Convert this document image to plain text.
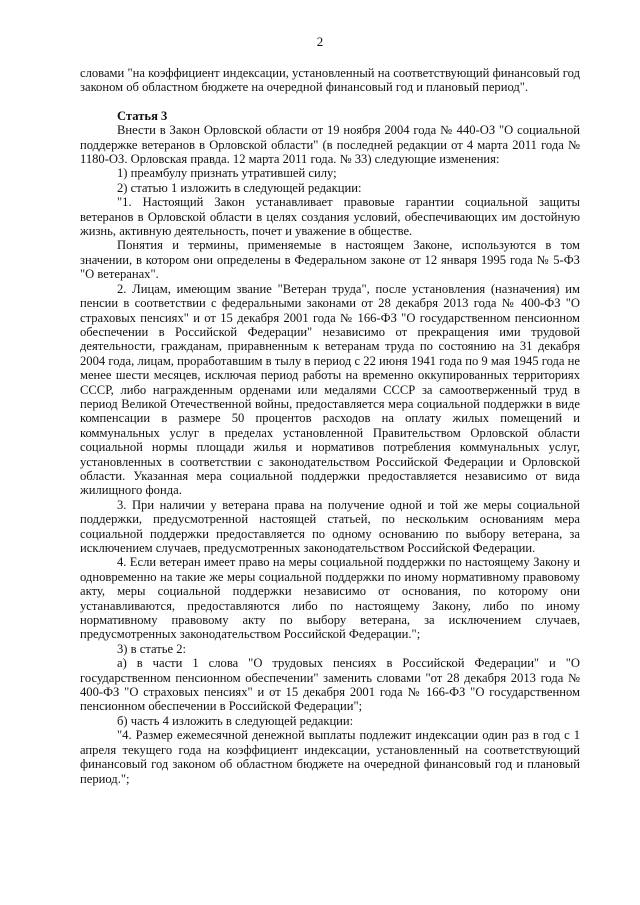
2

словами "на коэффициент индексации, установленный на соответствующий финансовый год законом об областном бюджете на очередной финансовый год и плановый период".

Статья 3

Внести в Закон Орловской области от 19 ноября 2004 года № 440-ОЗ "О социальной поддержке ветеранов в Орловской области" (в последней редакции от 4 марта 2011 года № 1180-ОЗ. Орловская правда. 12 марта 2011 года. № 33) следующие изменения:

1) преамбулу признать утратившей силу;

2) статью 1 изложить в следующей редакции:

"1. Настоящий Закон устанавливает правовые гарантии социальной защиты ветеранов в Орловской области в целях создания условий, обеспечивающих им достойную жизнь, активную деятельность, почет и уважение в обществе.

Понятия и термины, применяемые в настоящем Законе, используются в том значении, в котором они определены в Федеральном законе от 12 января 1995 года № 5-ФЗ "О ветеранах".

2. Лицам, имеющим звание "Ветеран труда", после установления (назначения) им пенсии в соответствии с федеральными законами от 28 декабря 2013 года № 400-ФЗ "О страховых пенсиях" и от 15 декабря 2001 года № 166-ФЗ "О государственном пенсионном обеспечении в Российской Федерации" независимо от прекращения ими трудовой деятельности, гражданам, приравненным к ветеранам труда по состоянию на 31 декабря 2004 года, лицам, проработавшим в тылу в период с 22 июня 1941 года по 9 мая 1945 года не менее шести месяцев, исключая период работы на временно оккупированных территориях СССР, либо награжденным орденами или медалями СССР за самоотверженный труд в период Великой Отечественной войны, предоставляется мера социальной поддержки в виде компенсации в размере 50 процентов расходов на оплату жилых помещений и коммунальных услуг в пределах установленной Правительством Орловской области социальной нормы площади жилья и нормативов потребления коммунальных услуг, установленных в соответствии с законодательством Российской Федерации и Орловской области. Указанная мера социальной поддержки предоставляется независимо от вида жилищного фонда.

3. При наличии у ветерана права на получение одной и той же меры социальной поддержки, предусмотренной настоящей статьей, по нескольким основаниям мера социальной поддержки предоставляется по одному основанию по выбору ветерана, за исключением случаев, предусмотренных законодательством Российской Федерации.

4. Если ветеран имеет право на меры социальной поддержки по настоящему Закону и одновременно на такие же меры социальной поддержки по иному нормативному правовому акту, меры социальной поддержки независимо от основания, по которому они устанавливаются, предоставляются либо по настоящему Закону, либо по иному нормативному правовому акту по выбору ветерана, за исключением случаев, предусмотренных законодательством Российской Федерации.";

3) в статье 2:

а) в части 1 слова "О трудовых пенсиях в Российской Федерации" и "О государственном пенсионном обеспечении" заменить словами "от 28 декабря 2013 года № 400-ФЗ "О страховых пенсиях" и от 15 декабря 2001 года № 166-ФЗ "О государственном пенсионном обеспечении в Российской Федерации";

б) часть 4 изложить в следующей редакции:

"4. Размер ежемесячной денежной выплаты подлежит индексации один раз в год с 1 апреля текущего года на коэффициент индексации, установленный на соответствующий финансовый год законом об областном бюджете на очередной финансовый год и плановый период.";
